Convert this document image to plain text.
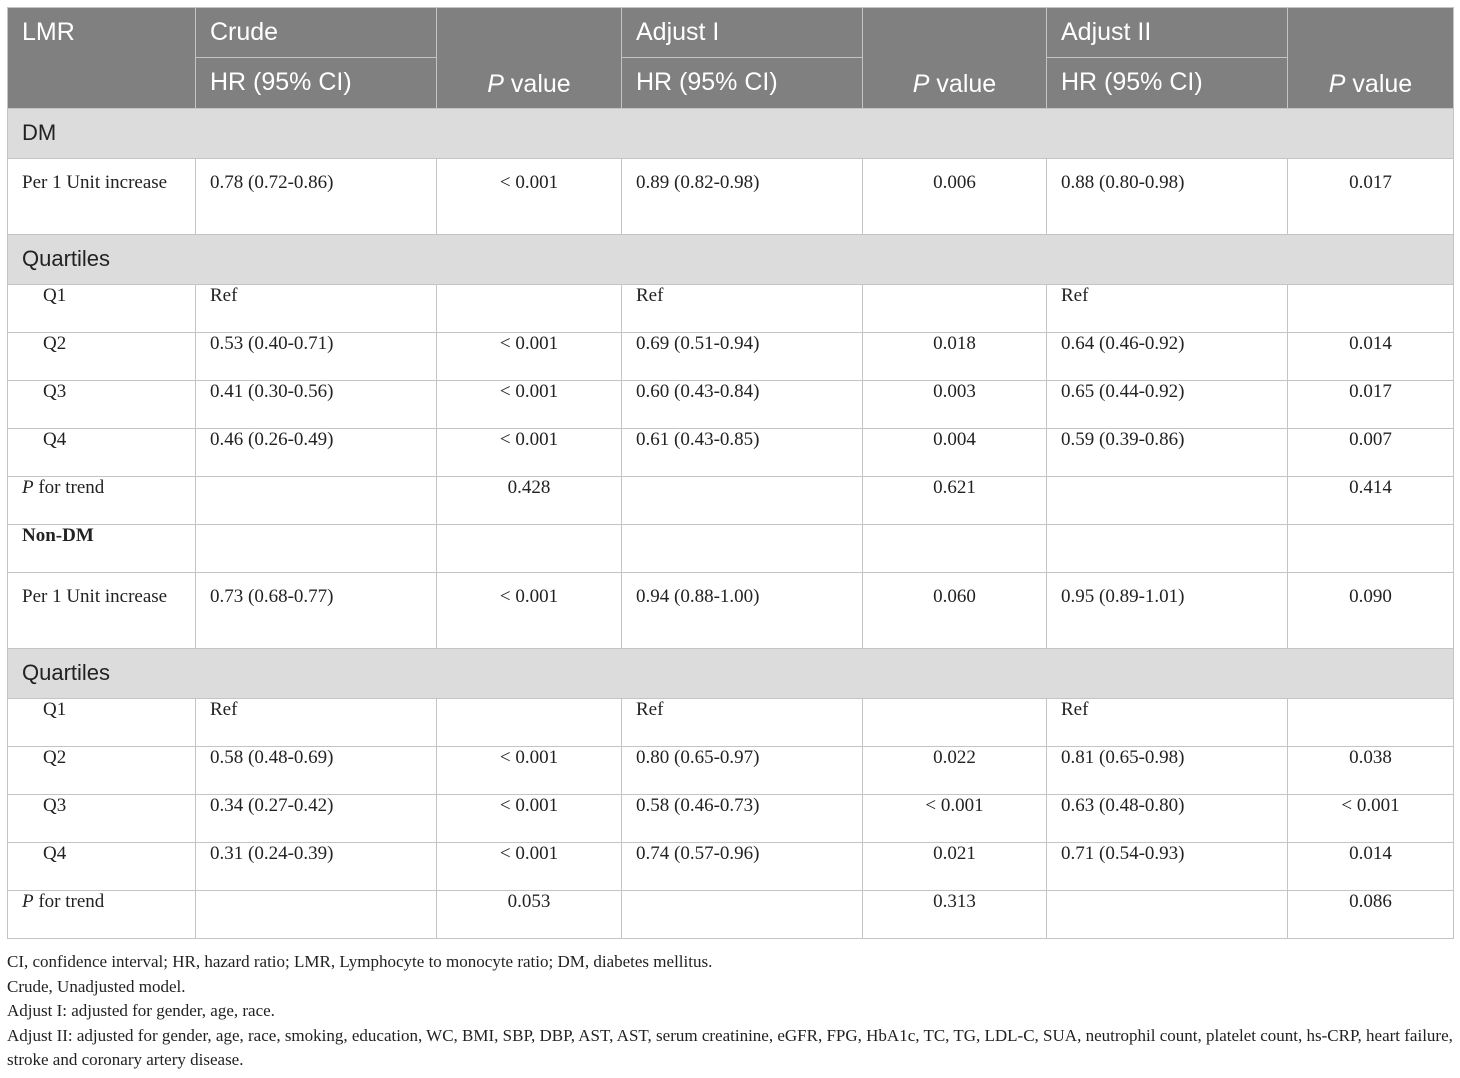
LMR	Crude	P value	Adjust I	P value	Adjust II	P value
	HR (95% CI)		HR (95% CI)		HR (95% CI)	
DM						
Per 1 Unit increase	0.78 (0.72-0.86)	< 0.001	0.89 (0.82-0.98)	0.006	0.88 (0.80-0.98)	0.017
Quartiles						
Q1	Ref		Ref		Ref	
Q2	0.53 (0.40-0.71)	< 0.001	0.69 (0.51-0.94)	0.018	0.64 (0.46-0.92)	0.014
Q3	0.41 (0.30-0.56)	< 0.001	0.60 (0.43-0.84)	0.003	0.65 (0.44-0.92)	0.017
Q4	0.46 (0.26-0.49)	< 0.001	0.61 (0.43-0.85)	0.004	0.59 (0.39-0.86)	0.007
P for trend		0.428		0.621		0.414
Non-DM						
Per 1 Unit increase	0.73 (0.68-0.77)	< 0.001	0.94 (0.88-1.00)	0.060	0.95 (0.89-1.01)	0.090
Quartiles						
Q1	Ref		Ref		Ref	
Q2	0.58 (0.48-0.69)	< 0.001	0.80 (0.65-0.97)	0.022	0.81 (0.65-0.98)	0.038
Q3	0.34 (0.27-0.42)	< 0.001	0.58 (0.46-0.73)	< 0.001	0.63 (0.48-0.80)	< 0.001
Q4	0.31 (0.24-0.39)	< 0.001	0.74 (0.57-0.96)	0.021	0.71 (0.54-0.93)	0.014
P for trend		0.053		0.313		0.086
CI, confidence interval; HR, hazard ratio; LMR, Lymphocyte to monocyte ratio; DM, diabetes mellitus.
Crude, Unadjusted model.
Adjust I: adjusted for gender, age, race.
Adjust II: adjusted for gender, age, race, smoking, education, WC, BMI, SBP, DBP, AST, AST, serum creatinine, eGFR, FPG, HbA1c, TC, TG, LDL-C, SUA, neutrophil count, platelet count, hs-CRP, heart failure, stroke and coronary artery disease.
